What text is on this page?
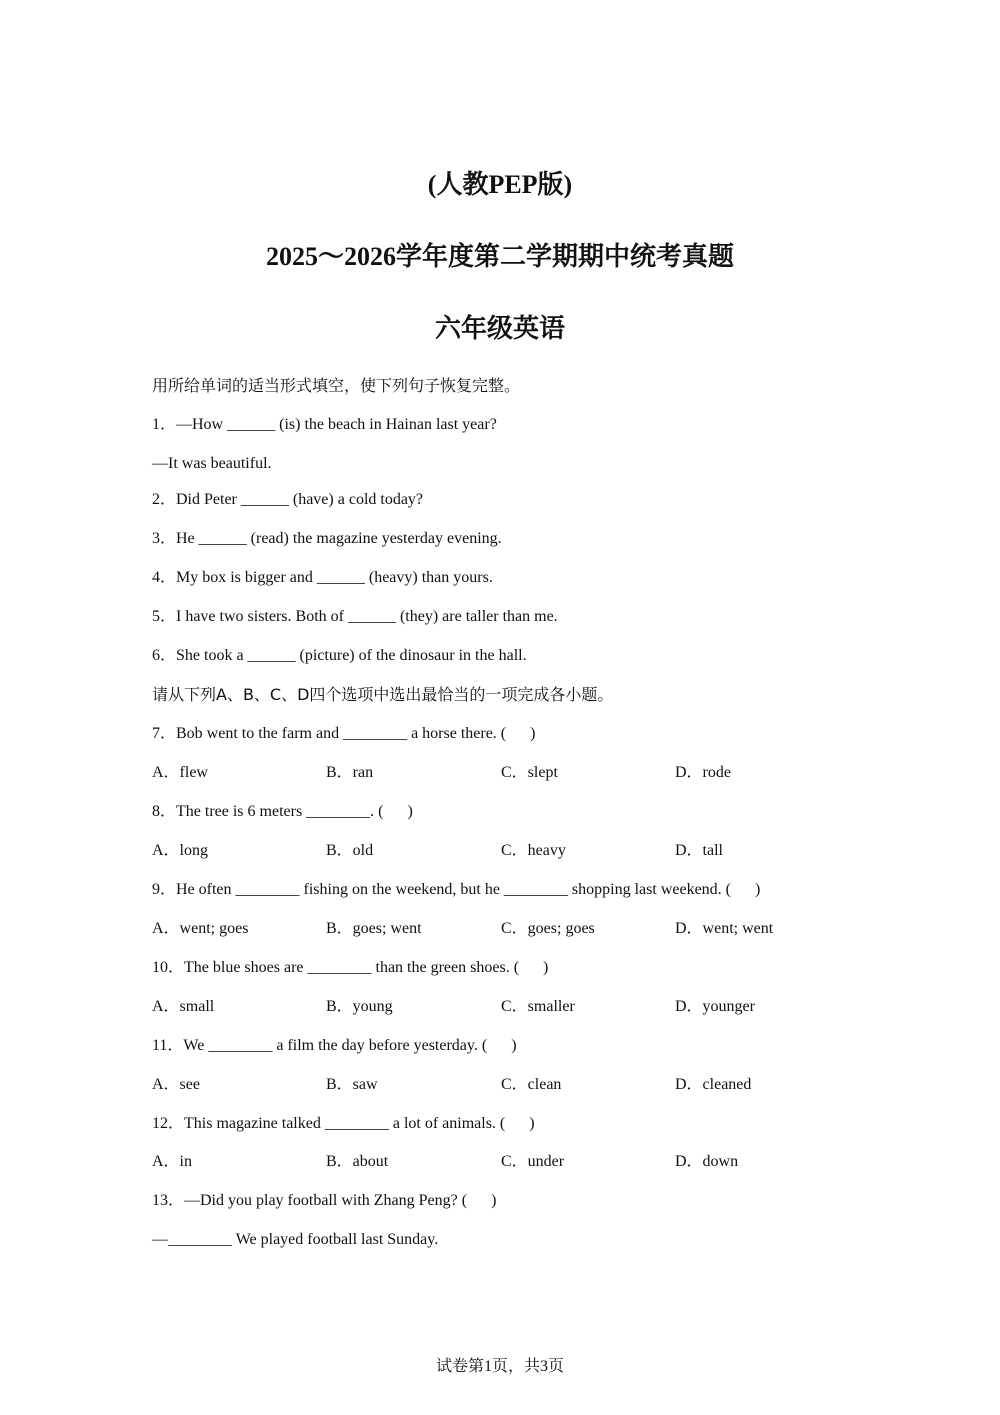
(人教PEP版)
2025～2026学年度第二学期期中统考真题
六年级英语
用所给单词的适当形式填空，使下列句子恢复完整。
1．—How ______ (is) the beach in Hainan last year?
—It was beautiful.
2．Did Peter ______ (have) a cold today?
3．He ______ (read) the magazine yesterday evening.
4．My box is bigger and ______ (heavy) than yours.
5．I have two sisters. Both of ______ (they) are taller than me.
6．She took a ______ (picture) of the dinosaur in the hall.
请从下列A、B、C、D四个选项中选出最恰当的一项完成各小题。
7．Bob went to the farm and ________ a horse there. (      )
A．flew	B．ran	C．slept	D．rode
8．The tree is 6 meters ________. (      )
A．long	B．old	C．heavy	D．tall
9．He often ________ fishing on the weekend, but he ________ shopping last weekend. (      )
A．went; goes	B．goes; went	C．goes; goes	D．went; went
10．The blue shoes are ________ than the green shoes. (      )
A．small	B．young	C．smaller	D．younger
11．We ________ a film the day before yesterday. (      )
A．see	B．saw	C．clean	D．cleaned
12．This magazine talked ________ a lot of animals. (      )
A．in	B．about	C．under	D．down
13．—Did you play football with Zhang Peng? (      )
—________ We played football last Sunday.
试卷第1页，共3页
